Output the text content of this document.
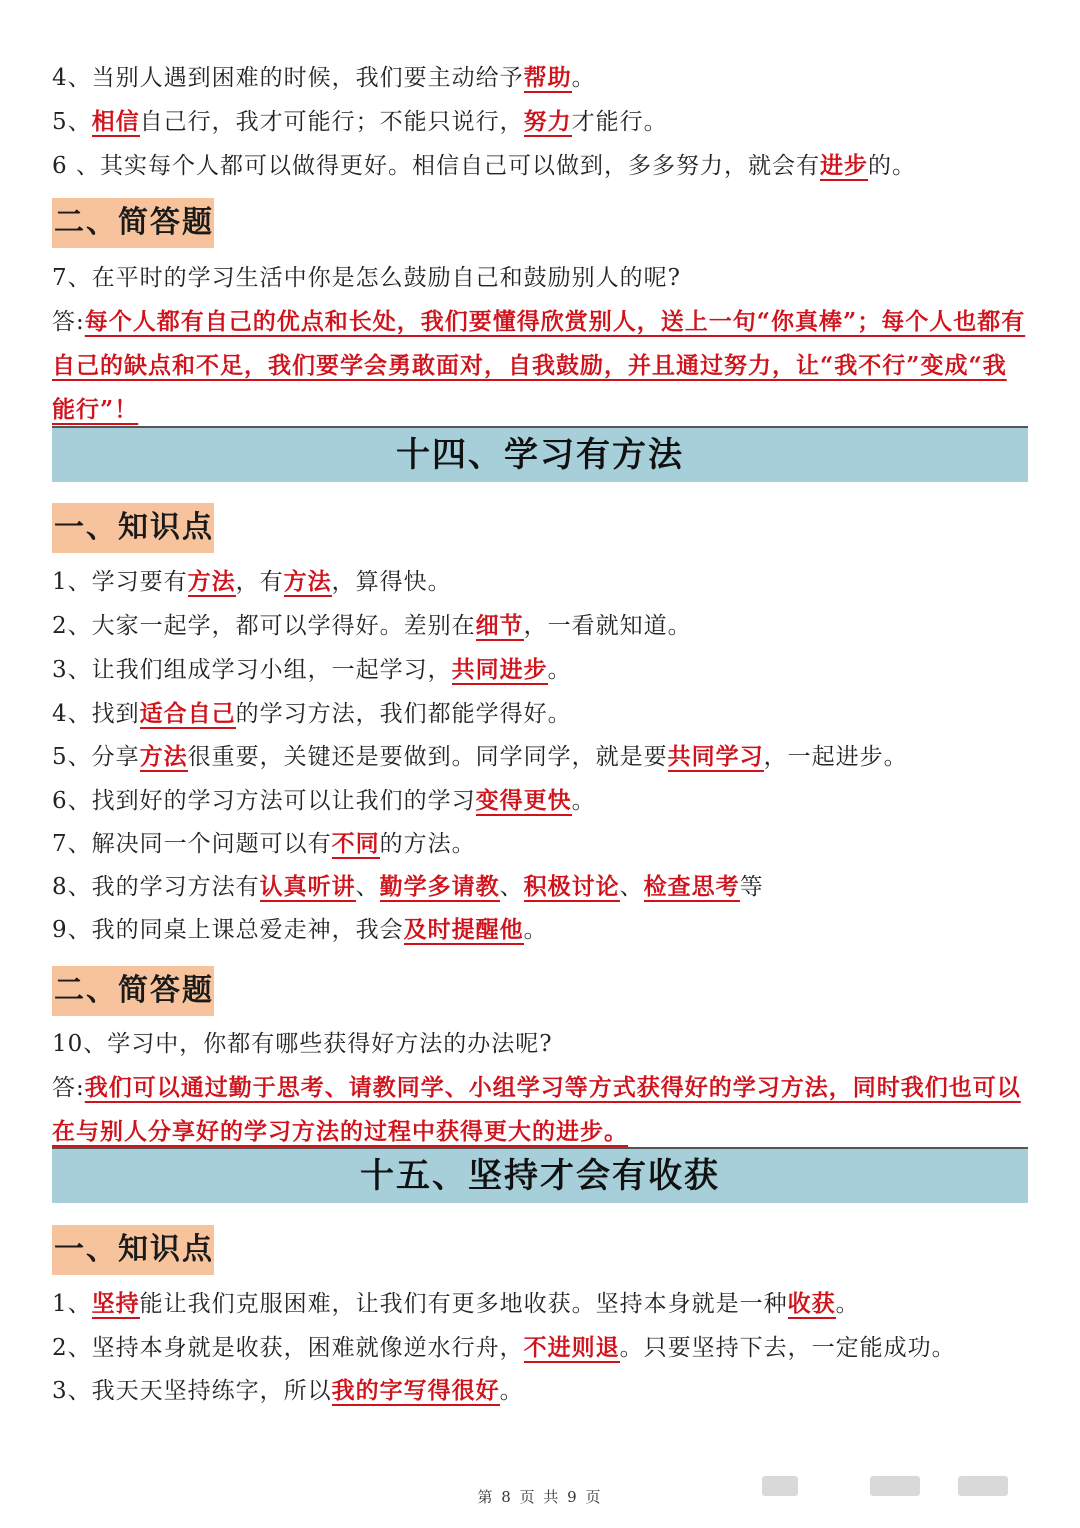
4、当别人遇到困难的时候，我们要主动给予帮助。
5、相信自己行，我才可能行；不能只说行，努力才能行。
6 、其实每个人都可以做得更好。相信自己可以做到，多多努力，就会有进步的。
二、简答题
7、在平时的学习生活中你是怎么鼓励自己和鼓励别人的呢?
答:每个人都有自己的优点和长处，我们要懂得欣赏别人，送上一句“你真棒”；每个人也都有自己的缺点和不足，我们要学会勇敢面对，自我鼓励，并且通过努力，让“我不行”变成“我能行”！
十四、学习有方法
一、知识点
1、学习要有方法，有方法，算得快。
2、大家一起学，都可以学得好。差别在细节，一看就知道。
3、让我们组成学习小组，一起学习，共同进步。
4、找到适合自己的学习方法，我们都能学得好。
5、分享方法很重要，关键还是要做到。同学同学，就是要共同学习，一起进步。
6、找到好的学习方法可以让我们的学习变得更快。
7、解决同一个问题可以有不同的方法。
8、我的学习方法有认真听讲、勤学多请教、积极讨论、检查思考等
9、我的同桌上课总爱走神，我会及时提醒他。
二、简答题
10、学习中，你都有哪些获得好方法的办法呢?
答:我们可以通过勤于思考、请教同学、小组学习等方式获得好的学习方法，同时我们也可以在与别人分享好的学习方法的过程中获得更大的进步。
十五、坚持才会有收获
一、知识点
1、坚持能让我们克服困难，让我们有更多地收获。坚持本身就是一种收获。
2、坚持本身就是收获，困难就像逆水行舟，不进则退。只要坚持下去，一定能成功。
3、我天天坚持练字，所以我的字写得很好。
第 8 页 共 9 页
